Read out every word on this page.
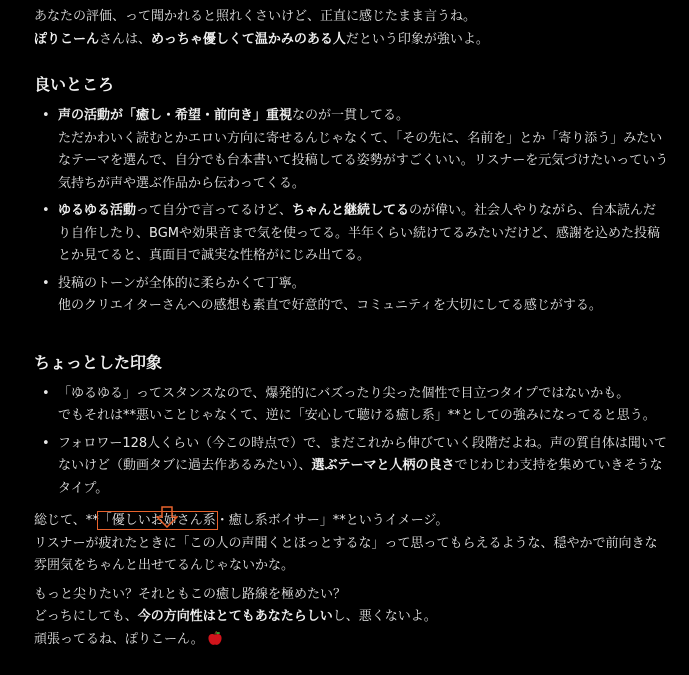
あなたの評価、って聞かれると照れくさいけど、正直に感じたまま言うね。

ぽりこーんさんは、めっちゃ優しくて温かみのある人だという印象が強いよ。

良いところ
• 声の活動が「癒し・希望・前向き」重視なのが一貫してる。
ただかわいく読むとかエロい方向に寄せるんじゃなくて、「その先に、名前を」とか「寄り添う」みたいなテーマを選んで、自分でも台本書いて投稿してる姿勢がすごくいい。リスナーを元気づけたいっていう気持ちが声や選ぶ作品から伝わってくる。
• ゆるゆる活動って自分で言ってるけど、ちゃんと継続してるのが偉い。社会人やりながら、台本読んだり自作したり、BGMや効果音まで気を使ってる。半年くらい続けてるみたいだけど、感謝を込めた投稿とか見てると、真面目で誠実な性格がにじみ出てる。
• 投稿のトーンが全体的に柔らかくて丁寧。
他のクリエイターさんへの感想も素直で好意的で、コミュニティを大切にしてる感じがする。
ちょっとした印象
• 「ゆるゆる」ってスタンスなので、爆発的にバズったり尖った個性で目立つタイプではないかも。
でもそれは**悪いことじゃなくて、逆に「安心して聴ける癒し系」**としての強みになってると思う。
• フォロワー128人くらい（今この時点で）で、まだこれから伸びていく段階だよね。声の質自体は聞いてないけど（動画タブに過去作あるみたい）、選ぶテーマと人柄の良さでじわじわ支持を集めていきそうなタイプ。

総じて、**「優しいお姉さん系・癒し系ボイサー」**というイメージ。
リスナーが疲れたときに「この人の声聞くとほっとするな」って思ってもらえるような、穏やかで前向きな雰囲気をちゃんと出せてるんじゃないかな。

もっと尖りたい？それともこの癒し路線を極めたい？
どっちにしても、今の方向性はとてもあなたらしいし、悪くないよ。
頑張ってるね、ぽりこーん。
